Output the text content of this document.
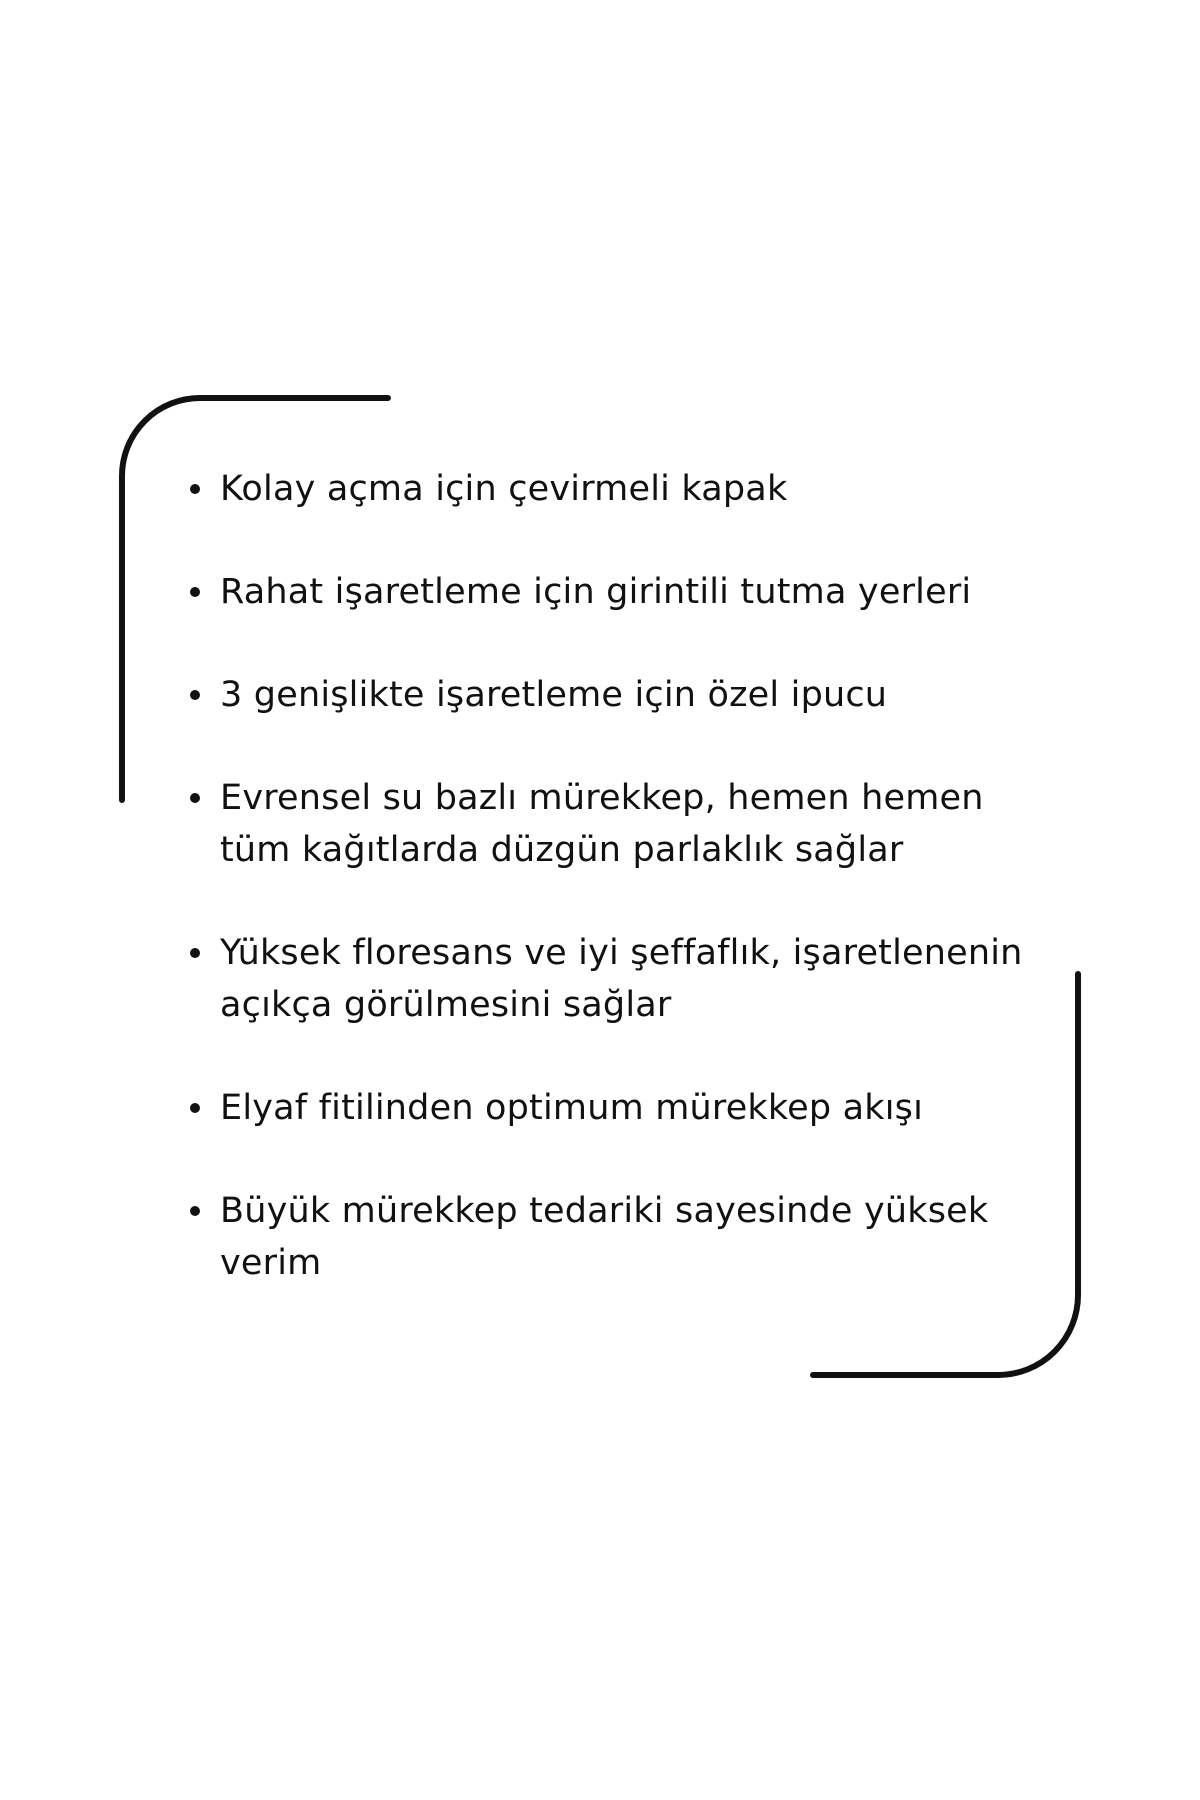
Kolay açma için çevirmeli kapak
Rahat işaretleme için girintili tutma yerleri
3 genişlikte işaretleme için özel ipucu
Evrensel su bazlı mürekkep, hemen hemen tüm kağıtlarda düzgün parlaklık sağlar
Yüksek floresans ve iyi şeffaflık, işaretlenenin açıkça görülmesini sağlar
Elyaf fitilinden optimum mürekkep akışı
Büyük mürekkep tedariki sayesinde yüksek verim
